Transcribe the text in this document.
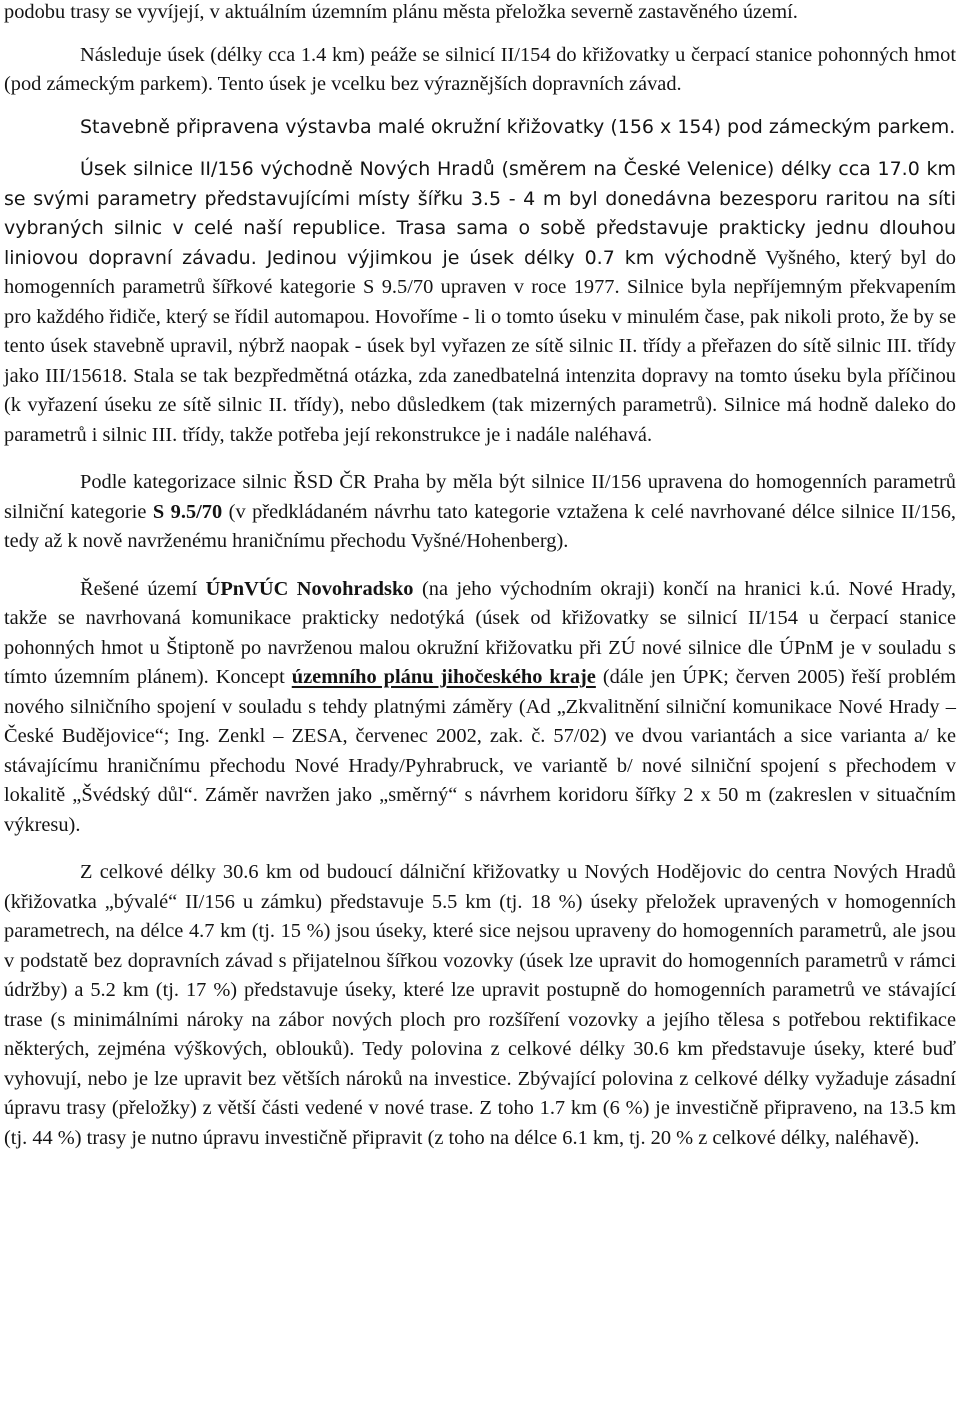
podobu trasy se vyvíjejí, v aktuálním územním plánu města přeložka severně zastavěného území.

Následuje úsek (délky cca 1.4 km) peáže se silnicí II/154 do křižovatky u čerpací stanice pohonných hmot (pod zámeckým parkem). Tento úsek je vcelku bez výraznějších dopravních závad.

Stavebně připravena výstavba malé okružní křižovatky (156 x 154) pod zámeckým parkem.

Úsek silnice II/156 východně Nových Hradů (směrem na České Velenice) délky cca 17.0 km se svými parametry představujícími místy šířku 3.5 - 4 m byl donedávna bezesporu raritou na síti vybraných silnic v celé naší republice. Trasa sama o sobě představuje prakticky jednu dlouhou liniovou dopravní závadu. Jedinou výjimkou je úsek délky 0.7 km východně Vyšného, který byl do homogenních parametrů šířkové kategorie S 9.5/70 upraven v roce 1977. Silnice byla nepříjemným překvapením pro každého řidiče, který se řídil automapou. Hovoříme - li o tomto úseku v minulém čase, pak nikoli proto, že by se tento úsek stavebně upravil, nýbrž naopak - úsek byl vyřazen ze sítě silnic II. třídy a přeřazen do sítě silnic III. třídy jako III/15618. Stala se tak bezpředmětná otázka, zda zanedbatelná intenzita dopravy na tomto úseku byla příčinou (k vyřazení úseku ze sítě silnic II. třídy), nebo důsledkem (tak mizerných parametrů). Silnice má hodně daleko do parametrů i silnic III. třídy, takže potřeba její rekonstrukce je i nadále naléhavá.

Podle kategorizace silnic ŘSD ČR Praha by měla být silnice II/156 upravena do homogenních parametrů silniční kategorie S 9.5/70 (v předkládaném návrhu tato kategorie vztažena k celé navrhované délce silnice II/156, tedy až k nově navrženému hraničnímu přechodu Vyšné/Hohenberg).

Řešené území ÚPnVÚC Novohradsko (na jeho východním okraji) končí na hranici k.ú. Nové Hrady, takže se navrhovaná komunikace prakticky nedotýká (úsek od křižovatky se silnicí II/154 u čerpací stanice pohonných hmot u Štiptoně po navrženou malou okružní křižovatku při ZÚ nové silnice dle ÚPnM je v souladu s tímto územním plánem). Koncept územního plánu jihočeského kraje (dále jen ÚPK; červen 2005) řeší problém nového silničního spojení v souladu s tehdy platnými záměry (Ad „Zkvalitnění silniční komunikace Nové Hrady – České Budějovice“; Ing. Zenkl – ZESA, červenec 2002, zak. č. 57/02) ve dvou variantách a sice varianta a/ ke stávajícímu hraničnímu přechodu Nové Hrady/Pyhrabruck, ve variantě b/ nové silniční spojení s přechodem v lokalitě „Švédský důl“. Záměr navržen jako „směrný“ s návrhem koridoru šířky 2 x 50 m (zakreslen v situačním výkresu).

Z celkové délky 30.6 km od budoucí dálniční křižovatky u Nových Hodějovic do centra Nových Hradů (křižovatka „bývalé“ II/156 u zámku) představuje 5.5 km (tj. 18 %) úseky přeložek upravených v homogenních parametrech, na délce 4.7 km (tj. 15 %) jsou úseky, které sice nejsou upraveny do homogenních parametrů, ale jsou v podstatě bez dopravních závad s přijatelnou šířkou vozovky (úsek lze upravit do homogenních parametrů v rámci údržby) a 5.2 km (tj. 17 %) představuje úseky, které lze upravit postupně do homogenních parametrů ve stávající trase (s minimálními nároky na zábor nových ploch pro rozšíření vozovky a jejího tělesa s potřebou rektifikace některých, zejména výškových, oblouků). Tedy polovina z celkové délky 30.6 km představuje úseky, které buď vyhovují, nebo je lze upravit bez větších nároků na investice. Zbývající polovina z celkové délky vyžaduje zásadní úpravu trasy (přeložky) z větší části vedené v nové trase. Z toho 1.7 km (6 %) je investičně připraveno, na 13.5 km (tj. 44 %) trasy je nutno úpravu investičně připravit (z toho na délce 6.1 km, tj. 20 % z celkové délky, naléhavě).
